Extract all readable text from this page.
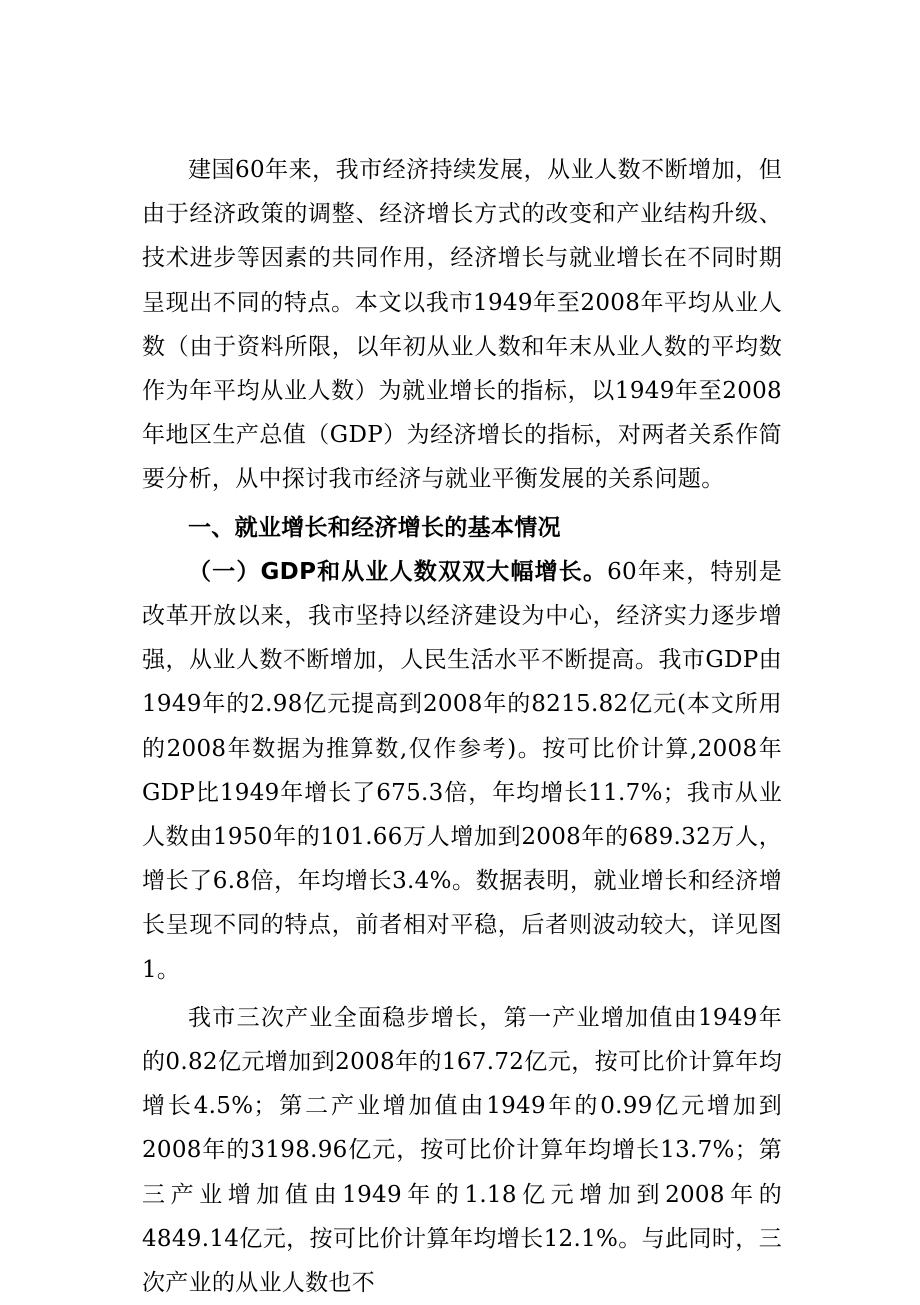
建国60年来，我市经济持续发展，从业人数不断增加，但由于经济政策的调整、经济增长方式的改变和产业结构升级、技术进步等因素的共同作用，经济增长与就业增长在不同时期呈现出不同的特点。本文以我市1949年至2008年平均从业人数（由于资料所限，以年初从业人数和年末从业人数的平均数作为年平均从业人数）为就业增长的指标，以1949年至2008年地区生产总值（GDP）为经济增长的指标，对两者关系作简要分析，从中探讨我市经济与就业平衡发展的关系问题。

一、就业增长和经济增长的基本情况

（一）GDP和从业人数双双大幅增长。60年来，特别是改革开放以来，我市坚持以经济建设为中心，经济实力逐步增强，从业人数不断增加，人民生活水平不断提高。我市GDP由1949年的2.98亿元提高到2008年的8215.82亿元(本文所用的2008年数据为推算数,仅作参考)。按可比价计算,2008年GDP比1949年增长了675.3倍，年均增长11.7%；我市从业人数由1950年的101.66万人增加到2008年的689.32万人，增长了6.8倍，年均增长3.4%。数据表明，就业增长和经济增长呈现不同的特点，前者相对平稳，后者则波动较大，详见图1。

我市三次产业全面稳步增长，第一产业增加值由1949年的0.82亿元增加到2008年的167.72亿元，按可比价计算年均增长4.5%；第二产业增加值由1949年的0.99亿元增加到2008年的3198.96亿元，按可比价计算年均增长13.7%；第三产业增加值由1949年的1.18亿元增加到2008年的4849.14亿元，按可比价计算年均增长12.1%。与此同时，三次产业的从业人数也不
